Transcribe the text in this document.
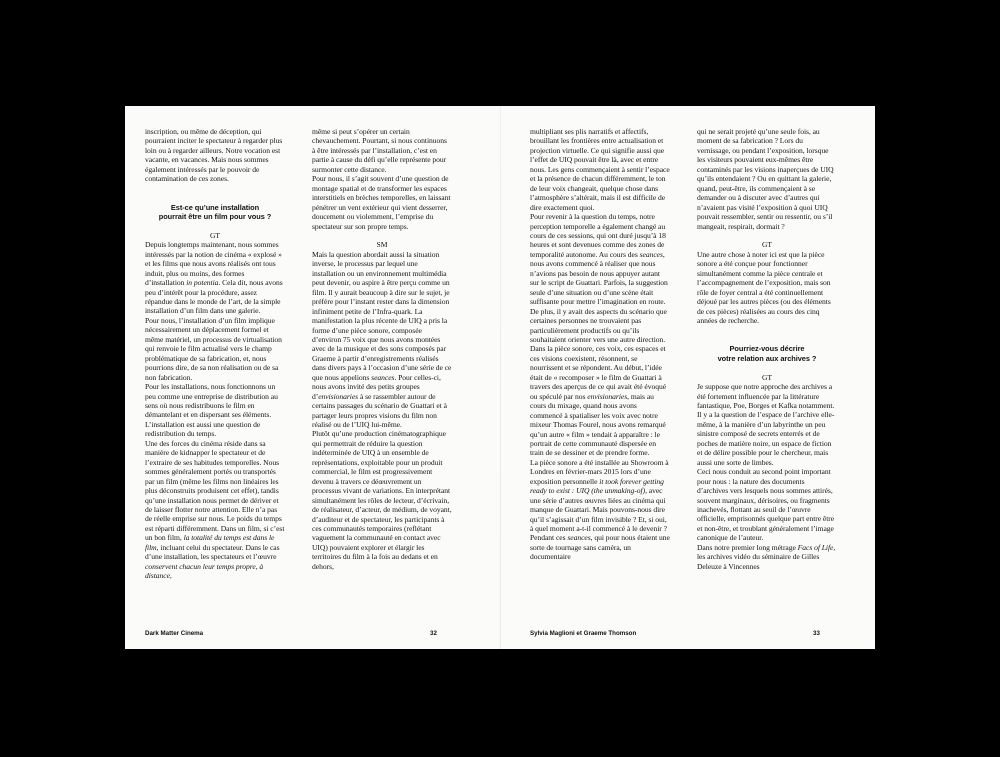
inscription, ou même de déception, qui pourraient inciter le spectateur à regarder plus loin ou à regarder ailleurs. Notre vocation est vacante, en vacances. Mais nous sommes également intéressés par le pouvoir de contamination de ces zones.

Est-ce qu’une installation
pourrait être un film pour vous ?

GT

Depuis longtemps maintenant, nous sommes intéressés par la notion de cinéma « explosé » et les films que nous avons réalisés ont tous induit, plus ou moins, des formes d’installation in potentia. Cela dit, nous avons peu d’intérêt pour la procédure, assez répandue dans le monde de l’art, de la simple installation d’un film dans une galerie.

Pour nous, l’installation d’un film implique nécessairement un déplacement formel et même matériel, un processus de virtualisation qui renvoie le film actualisé vers le champ problématique de sa fabrication, et, nous pourrions dire, de sa non réalisation ou de sa non fabrication.

Pour les installations, nous fonctionnons un peu comme une entreprise de distribution au sens où nous redistribuons le film en démantelant et en dispersant ses éléments. L’installation est aussi une question de redistribution du temps.

Une des forces du cinéma réside dans sa manière de kidnapper le spectateur et de l’extraire de ses habitudes temporelles. Nous sommes généralement portés ou transportés par un film (même les films non linéaires les plus déconstruits produisent cet effet), tandis qu’une installation nous permet de dériver et de laisser flotter notre attention. Elle n’a pas de réelle emprise sur nous. Le poids du temps est réparti différemment. Dans un film, si c’est un bon film, la totalité du temps est dans le film, incluant celui du spectateur. Dans le cas d’une installation, les spectateurs et l’œuvre conservent chacun leur temps propre, à distance,

même si peut s’opérer un certain chevauchement. Pourtant, si nous continuons à être intéressés par l’installation, c’est en partie à cause du défi qu’elle représente pour surmonter cette distance.

Pour nous, il s’agit souvent d’une question de montage spatial et de transformer les espaces interstitiels en brèches temporelles, en laissant pénétrer un vent extérieur qui vient desserrer, doucement ou violemment, l’emprise du spectateur sur son propre temps.

SM

Mais la question abordait aussi la situation inverse, le processus par lequel une installation ou un environnement multimédia peut devenir, ou aspire à être perçu comme un film. Il y aurait beaucoup à dire sur le sujet, je préfère pour l’instant rester dans la dimension infiniment petite de l’Infra-quark. La manifestation la plus récente de UIQ a pris la forme d’une pièce sonore, composée d’environ 75 voix que nous avons montées avec de la musique et des sons composés par Graeme à partir d’enregistrements réalisés dans divers pays à l’occasion d’une série de ce que nous appelions seances. Pour celles-ci, nous avons invité des petits groupes d’envisionaries à se rassembler autour de certains passages du scénario de Guattari et à partager leurs propres visions du film non réalisé ou de l’UIQ lui-même.

Plutôt qu’une production cinématographique qui permettrait de réduire la question indéterminée de UIQ à un ensemble de représentations, exploitable pour un produit commercial, le film est progressivement devenu à travers ce déœuvrement un processus vivant de variations. En interprétant simultanément les rôles de lecteur, d’écrivain, de réalisateur, d’acteur, de médium, de voyant, d’auditeur et de spectateur, les participants à ces communautés temporaires (reflétant vaguement la communauté en contact avec UIQ) pouvaient explorer et élargir les territoires du film à la fois au dedans et en dehors,

multipliant ses plis narratifs et affectifs, brouillant les frontières entre actualisation et projection virtuelle. Ce qui signifie aussi que l’effet de UIQ pouvait être là, avec et entre nous. Les gens commençaient à sentir l’espace et la présence de chacun différemment, le ton de leur voix changeait, quelque chose dans l’atmosphère s’altérait, mais il est difficile de dire exactement quoi.

Pour revenir à la question du temps, notre perception temporelle a également changé au cours de ces sessions, qui ont duré jusqu’à 18 heures et sont devenues comme des zones de temporalité autonome. Au cours des seances, nous avons commencé à réaliser que nous n’avions pas besoin de nous appuyer autant sur le script de Guattari. Parfois, la suggestion seule d’une situation ou d’une scène était suffisante pour mettre l’imagination en route. De plus, il y avait des aspects du scénario que certaines personnes ne trouvaient pas particulièrement productifs ou qu’ils souhaitaient orienter vers une autre direction.

Dans la pièce sonore, ces voix, ces espaces et ces visions coexistent, résonnent, se nourrissent et se répondent. Au début, l’idée était de « recomposer » le film de Guattari à travers des aperçus de ce qui avait été évoqué ou spéculé par nos envisionaries, mais au cours du mixage, quand nous avons commencé à spatialiser les voix avec notre mixeur Thomas Fourel, nous avons remarqué qu’un autre « film » tendait à apparaître : le portrait de cette communauté dispersée en train de se dessiner et de prendre forme.

La pièce sonore a été installée au Showroom à Londres en février-mars 2015 lors d’une exposition personnelle it took forever getting ready to exist : UIQ (the unmaking-of), avec une série d’autres œuvres liées au cinéma qui manque de Guattari. Mais pouvons-nous dire qu’il s’agissait d’un film invisible ? Et, si oui, à quel moment a-t-il commencé à le devenir ? Pendant ces seances, qui pour nous étaient une sorte de tournage sans caméra, un documentaire

qui ne serait projeté qu’une seule fois, au moment de sa fabrication ? Lors du vernissage, ou pendant l’exposition, lorsque les visiteurs pouvaient eux-mêmes être contaminés par les visions inaperçues de UIQ qu’ils entendaient ? Ou en quittant la galerie, quand, peut-être, ils commençaient à se demander ou à discuter avec d’autres qui n’avaient pas visité l’exposition à quoi UIQ pouvait ressembler, sentir ou ressentir, ou s’il mangeait, respirait, dormait ?

GT

Une autre chose à noter ici est que la pièce sonore a été conçue pour fonctionner simultanément comme la pièce centrale et l’accompagnement de l’exposition, mais son rôle de foyer central a été continuellement déjoué par les autres pièces (ou des éléments de ces pièces) réalisées au cours des cinq années de recherche.

Pourriez-vous décrire
votre relation aux archives ?

GT

Je suppose que notre approche des archives a été fortement influencée par la littérature fantastique, Poe, Borges et Kafka notamment. Il y a la question de l’espace de l’archive elle-même, à la manière d’un labyrinthe un peu sinistre composé de secrets enterrés et de poches de matière noire, un espace de fiction et de délire possible pour le chercheur, mais aussi une sorte de limbes.

Ceci nous conduit au second point important pour nous : la nature des documents d’archives vers lesquels nous sommes attirés, souvent marginaux, dérisoires, ou fragments inachevés, flottant au seuil de l’œuvre officielle, emprisonnés quelque part entre être et non-être, et troublant généralement l’image canonique de l’auteur.

Dans notre premier long métrage Facs of Life, les archives vidéo du séminaire de Gilles Deleuze à Vincennes

Dark Matter Cinema	32	Sylvia Maglioni et Graeme Thomson	33
